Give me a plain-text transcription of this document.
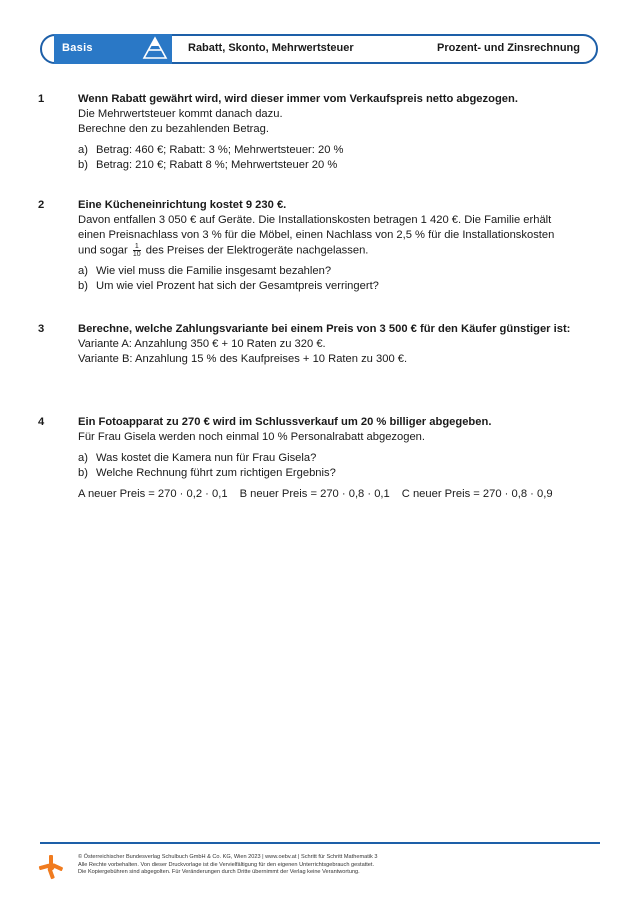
Basis	Rabatt, Skonto, Mehrwertsteuer	Prozent- und Zinsrechnung
1	Wenn Rabatt gewährt wird, wird dieser immer vom Verkaufspreis netto abgezogen.
Die Mehrwertsteuer kommt danach dazu.
Berechne den zu bezahlenden Betrag.
a) Betrag: 460 €; Rabatt: 3 %; Mehrwertsteuer: 20 %
b) Betrag: 210 €; Rabatt 8 %; Mehrwertsteuer 20 %
2	Eine Kücheneinrichtung kostet 9 230 €.
Davon entfallen 3 050 € auf Geräte. Die Installationskosten betragen 1 420 €. Die Familie erhält
einen Preisnachlass von 3 % für die Möbel, einen Nachlass von 2,5 % für die Installationskosten
und sogar $\frac{1}{10}$ des Preises der Elektrogeräte nachgelassen.
a) Wie viel muss die Familie insgesamt bezahlen?
b) Um wie viel Prozent hat sich der Gesamtpreis verringert?
3	Berechne, welche Zahlungsvariante bei einem Preis von 3 500 € für den Käufer günstiger ist:
Variante A: Anzahlung 350 € + 10 Raten zu 320 €.
Variante B: Anzahlung 15 % des Kaufpreises + 10 Raten zu 300 €.
4	Ein Fotoapparat zu 270 € wird im Schlussverkauf um 20 % billiger abgegeben.
Für Frau Gisela werden noch einmal 10 % Personalrabatt abgezogen.
a) Was kostet die Kamera nun für Frau Gisela?
b) Welche Rechnung führt zum richtigen Ergebnis?
A neuer Preis = 270 · 0,2 · 0,1 B neuer Preis = 270 · 0,8 · 0,1 C neuer Preis = 270 · 0,8 · 0,9
© Österreichischer Bundesverlag Schulbuch GmbH & Co. KG, Wien 2023 | www.oebv.at | Schritt für Schritt Mathematik 3
Alle Rechte vorbehalten. Von dieser Druckvorlage ist die Vervielfältigung für den eigenen Unterrichtsgebrauch gestattet.
Die Kopiergebühren sind abgegolten. Für Veränderungen durch Dritte übernimmt der Verlag keine Verantwortung.
